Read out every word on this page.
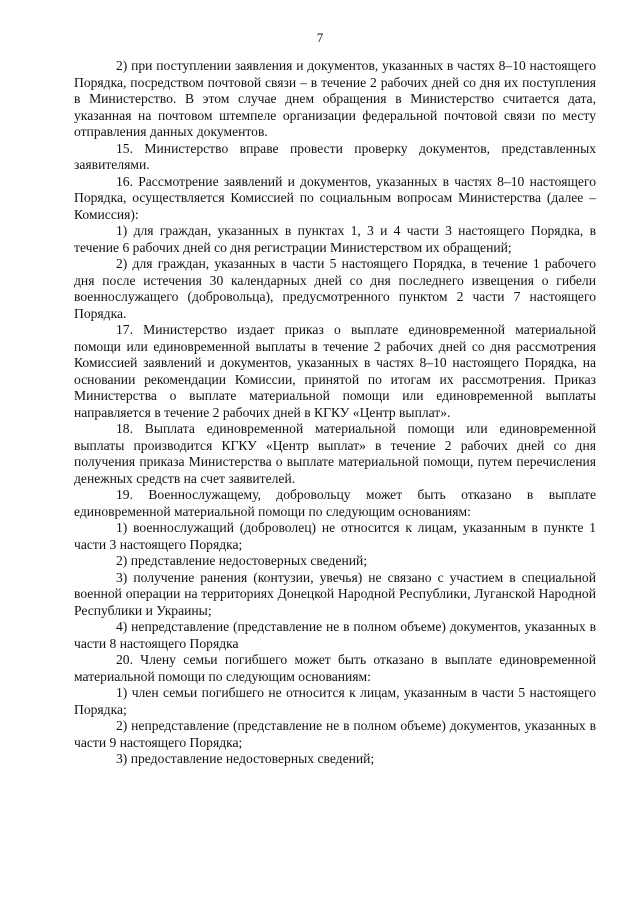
7

2) при поступлении заявления и документов, указанных в частях 8–10 настоящего Порядка, посредством почтовой связи – в течение 2 рабочих дней со дня их поступления в Министерство. В этом случае днем обращения в Министерство считается дата, указанная на почтовом штемпеле организации федеральной почтовой связи по месту отправления данных документов.

15. Министерство вправе провести проверку документов, представленных заявителями.

16. Рассмотрение заявлений и документов, указанных в частях 8–10 настоящего Порядка, осуществляется Комиссией по социальным вопросам Министерства (далее – Комиссия):

1) для граждан, указанных в пунктах 1, 3 и 4 части 3 настоящего Порядка, в течение 6 рабочих дней со дня регистрации Министерством их обращений;

2) для граждан, указанных в части 5 настоящего Порядка, в течение 1 рабочего дня после истечения 30 календарных дней со дня последнего извещения о гибели военнослужащего (добровольца), предусмотренного пунктом 2 части 7 настоящего Порядка.

17. Министерство издает приказ о выплате единовременной материальной помощи или единовременной выплаты в течение 2 рабочих дней со дня рассмотрения Комиссией заявлений и документов, указанных в частях 8–10 настоящего Порядка, на основании рекомендации Комиссии, принятой по итогам их рассмотрения. Приказ Министерства о выплате материальной помощи или единовременной выплаты направляется в течение 2 рабочих дней в КГКУ «Центр выплат».

18. Выплата единовременной материальной помощи или единовременной выплаты производится КГКУ «Центр выплат» в течение 2 рабочих дней со дня получения приказа Министерства о выплате материальной помощи, путем перечисления денежных средств на счет заявителей.

19. Военнослужащему, добровольцу может быть отказано в выплате единовременной материальной помощи по следующим основаниям:

1) военнослужащий (доброволец) не относится к лицам, указанным в пункте 1 части 3 настоящего Порядка;

2) представление недостоверных сведений;

3) получение ранения (контузии, увечья) не связано с участием в специальной военной операции на территориях Донецкой Народной Республики, Луганской Народной Республики и Украины;

4) непредставление (представление не в полном объеме) документов, указанных в части 8 настоящего Порядка

20. Члену семьи погибшего может быть отказано в выплате единовременной материальной помощи по следующим основаниям:

1) член семьи погибшего не относится к лицам, указанным в части 5 настоящего Порядка;

2) непредставление (представление не в полном объеме) документов, указанных в части 9 настоящего Порядка;

3) предоставление недостоверных сведений;
